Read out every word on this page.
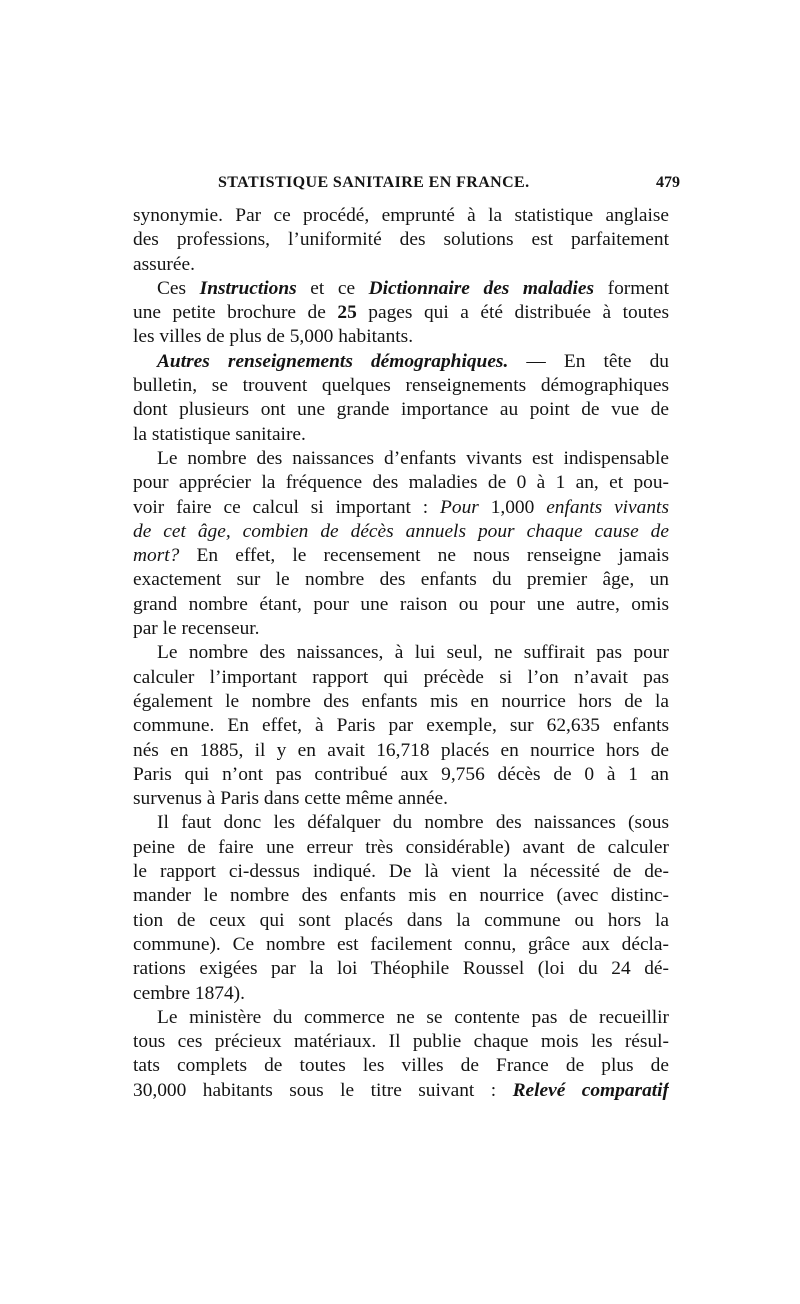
STATISTIQUE SANITAIRE EN FRANCE.	479
synonymie. Par ce procédé, emprunté à la statistique anglaise
des professions, l’uniformité des solutions est parfaitement
assurée.
Ces Instructions et ce Dictionnaire des maladies forment
une petite brochure de 25 pages qui a été distribuée à toutes
les villes de plus de 5,000 habitants.
Autres renseignements démographiques. — En tête du
bulletin, se trouvent quelques renseignements démographiques
dont plusieurs ont une grande importance au point de vue de
la statistique sanitaire.
Le nombre des naissances d’enfants vivants est indispensable
pour apprécier la fréquence des maladies de 0 à 1 an, et pou-
voir faire ce calcul si important : Pour 1,000 enfants vivants
de cet âge, combien de décès annuels pour chaque cause de
mort? En effet, le recensement ne nous renseigne jamais
exactement sur le nombre des enfants du premier âge, un
grand nombre étant, pour une raison ou pour une autre, omis
par le recenseur.
Le nombre des naissances, à lui seul, ne suffirait pas pour
calculer l’important rapport qui précède si l’on n’avait pas
également le nombre des enfants mis en nourrice hors de la
commune. En effet, à Paris par exemple, sur 62,635 enfants
nés en 1885, il y en avait 16,718 placés en nourrice hors de
Paris qui n’ont pas contribué aux 9,756 décès de 0 à 1 an
survenus à Paris dans cette même année.
Il faut donc les défalquer du nombre des naissances (sous
peine de faire une erreur très considérable) avant de calculer
le rapport ci-dessus indiqué. De là vient la nécessité de de-
mander le nombre des enfants mis en nourrice (avec distinc-
tion de ceux qui sont placés dans la commune ou hors la
commune). Ce nombre est facilement connu, grâce aux décla-
rations exigées par la loi Théophile Roussel (loi du 24 dé-
cembre 1874).
Le ministère du commerce ne se contente pas de recueillir
tous ces précieux matériaux. Il publie chaque mois les résul-
tats complets de toutes les villes de France de plus de
30,000 habitants sous le titre suivant : Relevé comparatif
